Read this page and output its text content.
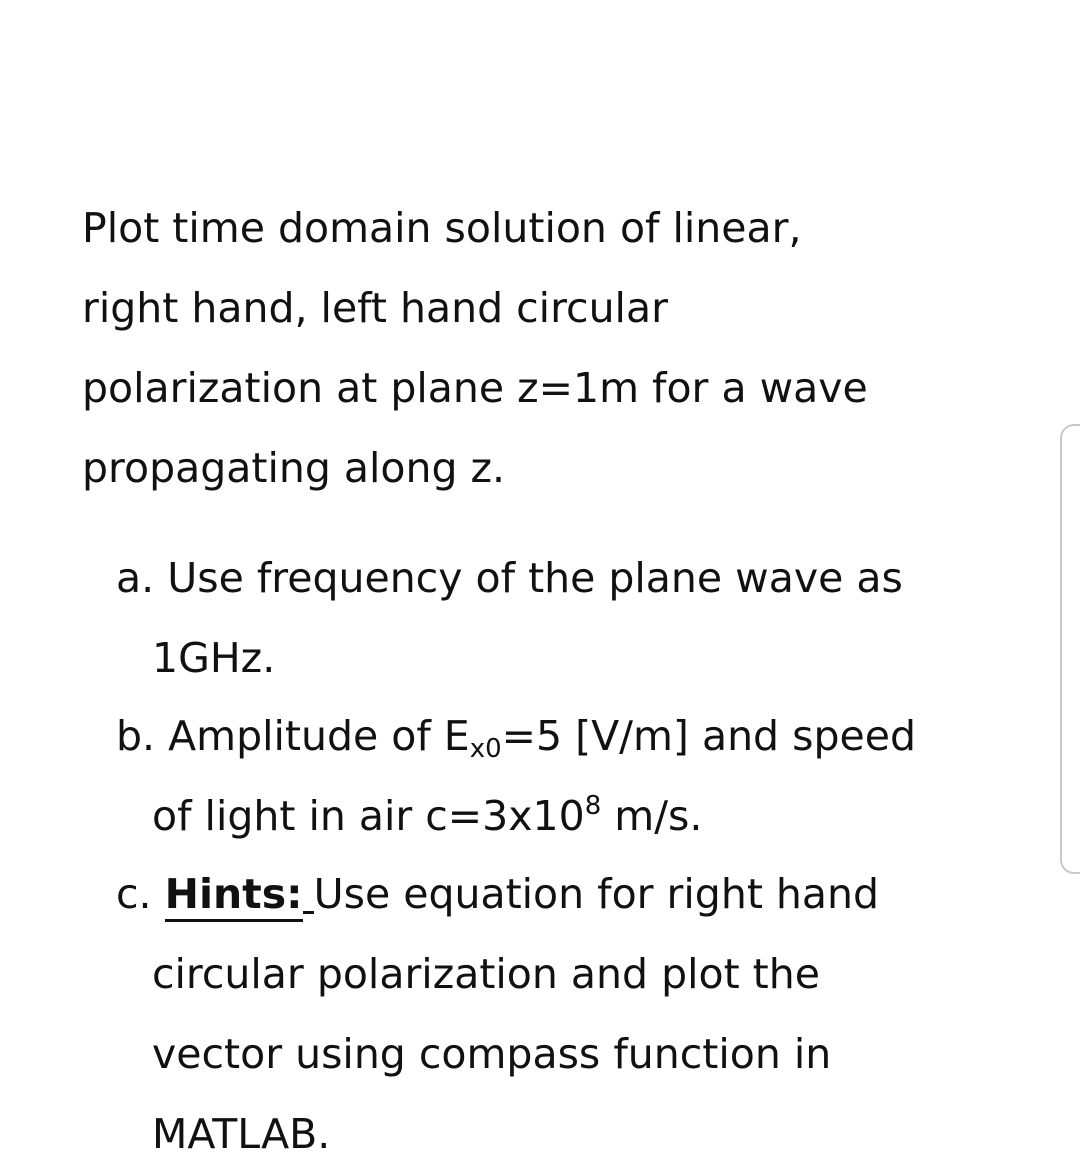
Plot time domain solution of linear,
right hand, left hand circular
polarization at plane z=1m for a wave
propagating along z.

a. Use frequency of the plane wave as
1GHz.
b. Amplitude of $E_{x0}=5$ [V/m] and speed
of light in air $c=3x10^8$ m/s.
c. Hints: Use equation for right hand
circular polarization and plot the
vector using compass function in
MATLAB.
